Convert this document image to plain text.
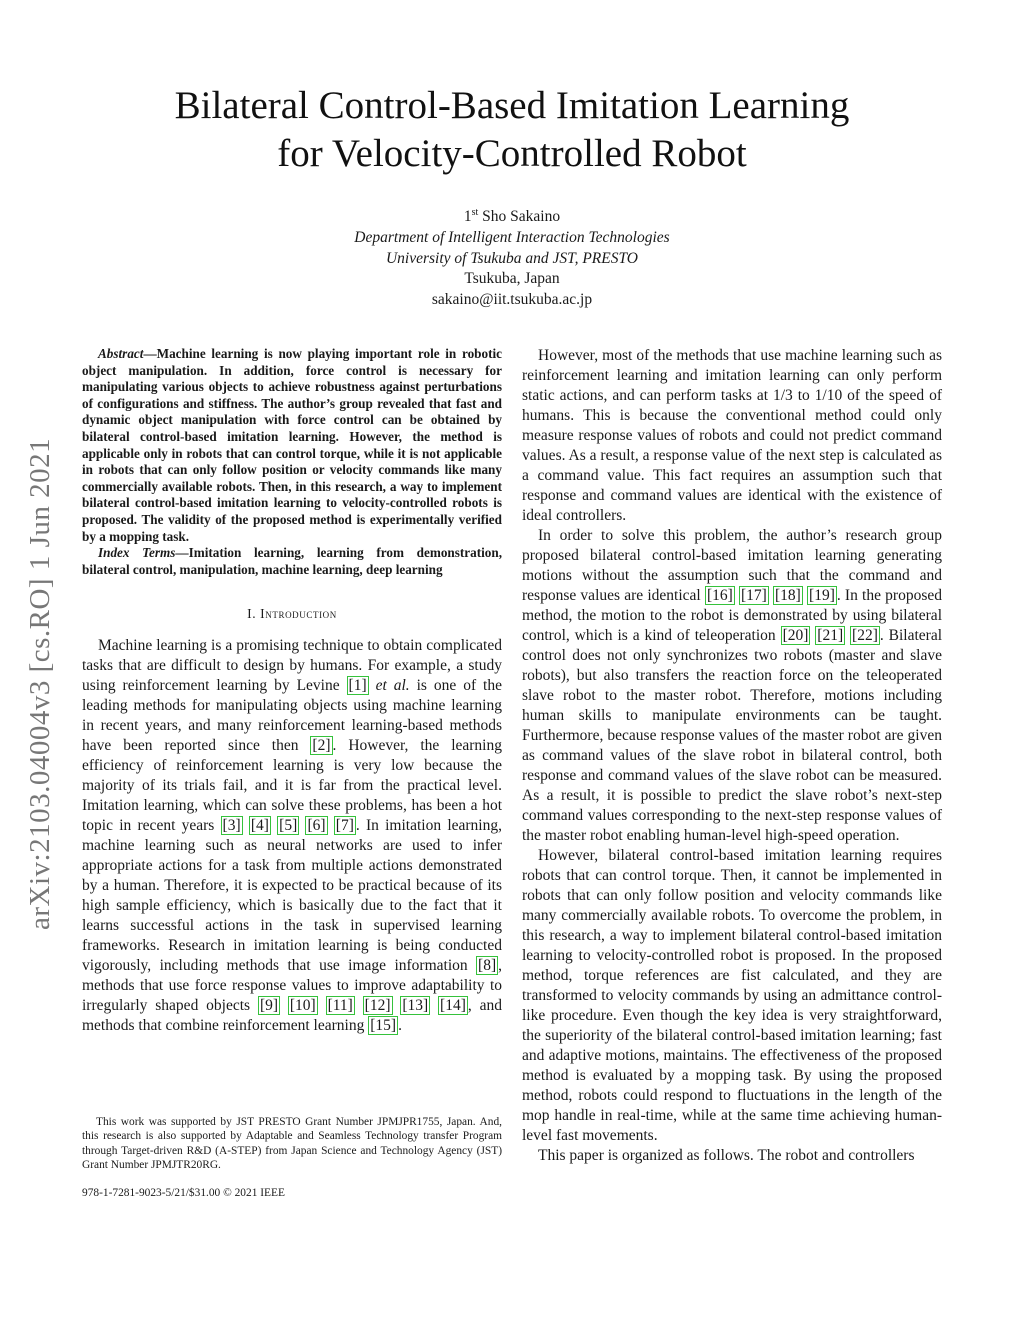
arXiv:2103.04004v3 [cs.RO] 1 Jun 2021
Bilateral Control-Based Imitation Learning
for Velocity-Controlled Robot
1st Sho Sakaino
Department of Intelligent Interaction Technologies
University of Tsukuba and JST, PRESTO
Tsukuba, Japan
sakaino@iit.tsukuba.ac.jp

Abstract—Machine learning is now playing important role in robotic object manipulation. In addition, force control is necessary for manipulating various objects to achieve robustness against perturbations of configurations and stiffness. The author’s group revealed that fast and dynamic object manipulation with force control can be obtained by bilateral control-based imitation learning. However, the method is applicable only in robots that can control torque, while it is not applicable in robots that can only follow position or velocity commands like many commercially available robots. Then, in this research, a way to implement bilateral control-based imitation learning to velocity-controlled robots is proposed. The validity of the proposed method is experimentally verified by a mopping task.

Index Terms—Imitation learning, learning from demonstration, bilateral control, manipulation, machine learning, deep learning

I. Introduction

Machine learning is a promising technique to obtain complicated tasks that are difficult to design by humans. For example, a study using reinforcement learning by Levine [1] et al. is one of the leading methods for manipulating objects using machine learning in recent years, and many reinforcement learning-based methods have been reported since then [2] . However, the learning efficiency of reinforcement learning is very low because the majority of its trials fail, and it is far from the practical level. Imitation learning, which can solve these problems, has been a hot topic in recent years [3] [4] [5] [6] [7] . In imitation learning, machine learning such as neural networks are used to infer appropriate actions for a task from multiple actions demonstrated by a human. Therefore, it is expected to be practical because of its high sample efficiency, which is basically due to the fact that it learns successful actions in the task in supervised learning frameworks. Research in imitation learning is being conducted vigorously, including methods that use image information [8] , methods that use force response values to improve adaptability to irregularly shaped objects [9] [10] [11] [12] [13] [14] , and methods that combine reinforcement learning [15] .

This work was supported by JST PRESTO Grant Number JPMJPR1755, Japan. And, this research is also supported by Adaptable and Seamless Technology transfer Program through Target-driven R&D (A-STEP) from Japan Science and Technology Agency (JST) Grant Number JPMJTR20RG.

978-1-7281-9023-5/21/$31.00 © 2021 IEEE

However, most of the methods that use machine learning such as reinforcement learning and imitation learning can only perform static actions, and can perform tasks at 1/3 to 1/10 of the speed of humans. This is because the conventional method could only measure response values of robots and could not predict command values. As a result, a response value of the next step is calculated as a command value. This fact requires an assumption such that response and command values are identical with the existence of ideal controllers.

In order to solve this problem, the author’s research group proposed bilateral control-based imitation learning generating motions without the assumption such that the command and response values are identical [16] [17] [18] [19] . In the proposed method, the motion to the robot is demonstrated by using bilateral control, which is a kind of teleoperation [20] [21] [22] . Bilateral control does not only synchronizes two robots (master and slave robots), but also transfers the reaction force on the teleoperated slave robot to the master robot. Therefore, motions including human skills to manipulate environments can be taught. Furthermore, because response values of the master robot are given as command values of the slave robot in bilateral control, both response and command values of the slave robot can be measured. As a result, it is possible to predict the slave robot’s next-step command values corresponding to the next-step response values of the master robot enabling human-level high-speed operation.

However, bilateral control-based imitation learning requires robots that can control torque. Then, it cannot be implemented in robots that can only follow position and velocity commands like many commercially available robots. To overcome the problem, in this research, a way to implement bilateral control-based imitation learning to velocity-controlled robot is proposed. In the proposed method, torque references are fist calculated, and they are transformed to velocity commands by using an admittance control-like procedure. Even though the key idea is very straightforward, the superiority of the bilateral control-based imitation learning; fast and adaptive motions, maintains. The effectiveness of the proposed method is evaluated by a mopping task. By using the proposed method, robots could respond to fluctuations in the length of the mop handle in real-time, while at the same time achieving human-level fast movements.

This paper is organized as follows. The robot and controllers
